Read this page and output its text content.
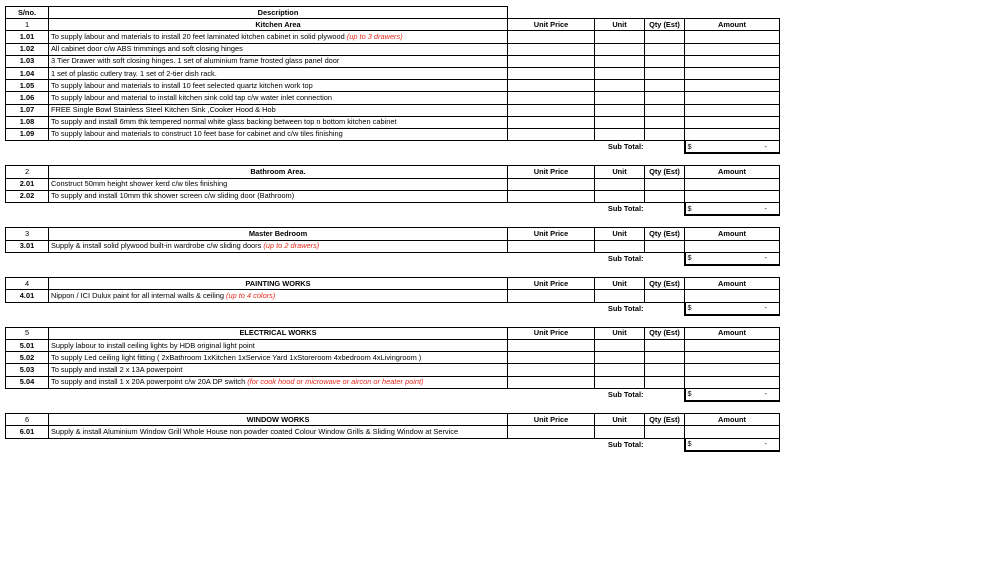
S/no.	Description				
1	Kitchen Area	Unit Price	Unit	Qty (Est)	Amount
1.01	To supply labour and materials to install 20 feet laminated kitchen cabinet in solid plywood (up to 3 drawers)				
1.02	All cabinet door c/w ABS trimmings and soft closing hinges				
1.03	3 Tier Drawer with soft closing hinges. 1 set of aluminium frame frosted glass panel door				
1.04	1 set of plastic cutlery tray. 1 set of 2-tier dish rack.				
1.05	To supply labour and materials to install 10 feet selected quartz kitchen work top				
1.06	To supply labour and material to install kitchen sink cold tap c/w water inlet connection				
1.07	FREE Single Bowl Stainless Steel Kitchen Sink ,Cooker Hood & Hob				
1.08	To supply and install 6mm thk tempered normal white glass backing between top n bottom kitchen cabinet				
1.09	To supply labour and materials to construct 10 feet base for cabinet and c/w tiles finishing				
			Sub Total:		$ -

2	Bathroom Area.	Unit Price	Unit	Qty (Est)	Amount
2.01	Construct 50mm height shower kerd c/w tiles finishing				
2.02	To supply and install 10mm thk shower screen c/w sliding door (Bathroom)				
			Sub Total:		$ -

3	Master Bedroom	Unit Price	Unit	Qty (Est)	Amount
3.01	Supply & install solid plywood built-in wardrobe c/w sliding doors (up to 2 drawers)				
			Sub Total:		$ -

4	PAINTING WORKS	Unit Price	Unit	Qty (Est)	Amount
4.01	Nippon / ICI Dulux paint for all internal walls & ceiling (up to 4 colors)				
			Sub Total:		$ -

5	ELECTRICAL WORKS	Unit Price	Unit	Qty (Est)	Amount
5.01	Supply labour to install ceiling lights by HDB original light point				
5.02	To supply Led ceiling light fitting ( 2xBathroom 1xKitchen 1xService Yard 1xStoreroom 4xbedroom 4xLivingroom )				
5.03	To supply and install 2 x 13A powerpoint				
5.04	To supply and install 1 x 20A powerpoint c/w 20A DP switch (for cook hood or microwave or aircon or heater point)				
			Sub Total:		$ -

6	WINDOW WORKS	Unit Price	Unit	Qty (Est)	Amount
6.01	Supply & install Aluminium Window Grill Whole House non powder coated Colour Window Grills & Sliding Window at Service				
			Sub Total:		$ -
